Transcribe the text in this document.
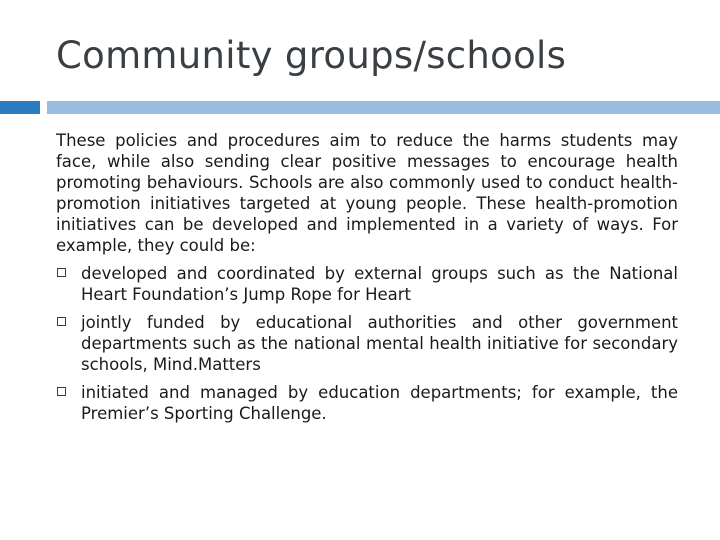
Community groups/schools

These policies and procedures aim to reduce the harms students may face, while also sending clear positive messages to encourage health promoting behaviours. Schools are also commonly used to conduct health-promotion initiatives targeted at young people. These health-promotion initiatives can be developed and implemented in a variety of ways. For example, they could be:

developed and coordinated by external groups such as the National Heart Foundation’s Jump Rope for Heart
jointly funded by educational authorities and other government departments such as the national mental health initiative for secondary schools, Mind.Matters
initiated and managed by education departments; for example, the Premier’s Sporting Challenge.
